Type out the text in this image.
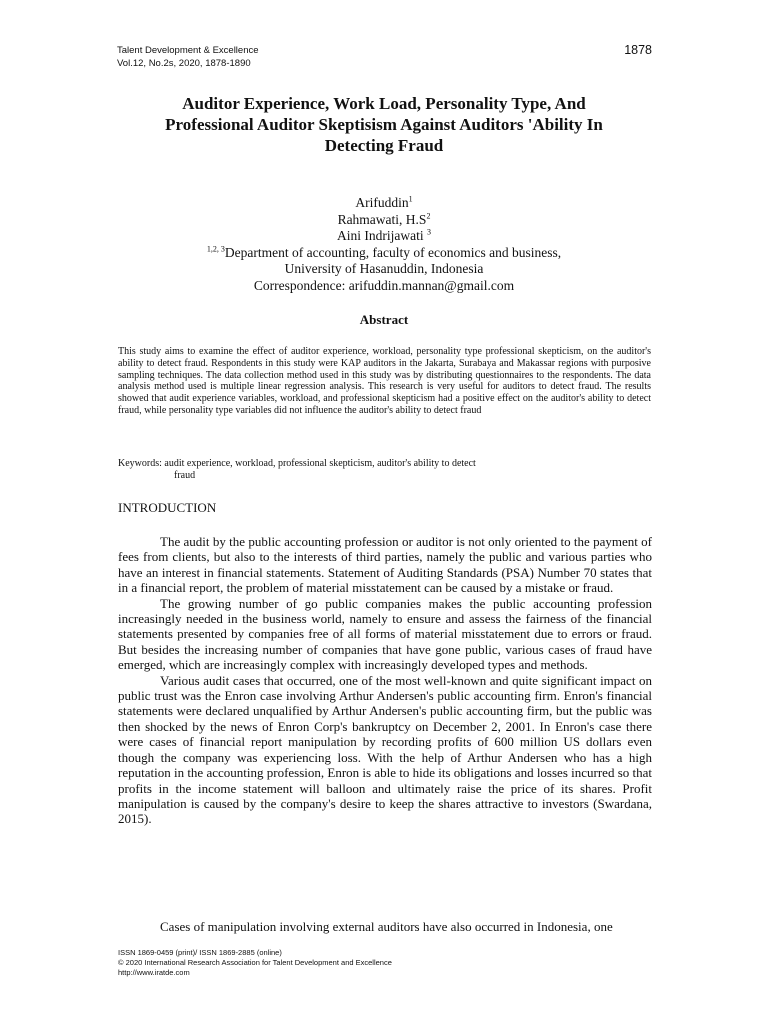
Talent Development & Excellence
Vol.12, No.2s, 2020, 1878-1890
1878
Auditor Experience, Work Load, Personality Type, And
Professional Auditor Skeptisism Against Auditors 'Ability In
Detecting Fraud
Arifuddin$^1$
Rahmawati, $H.S^2$
Aini Indrijawati $^3$
$^{1,2, 3}$Department of accounting, faculty of economics and business,
University of Hasanuddin, Indonesia
Correspondence: arifuddin.mannan@gmail.com
Abstract
This study aims to examine the effect of auditor experience, workload, personality type professional skepticism, on the auditor's ability to detect fraud. Respondents in this study were KAP auditors in the Jakarta, Surabaya and Makassar regions with purposive sampling techniques. The data collection method used in this study was by distributing questionnaires to the respondents. The data analysis method used is multiple linear regression analysis. This research is very useful for auditors to detect fraud. The results showed that audit experience variables, workload, and professional skepticism had a positive effect on the auditor's ability to detect fraud, while personality type variables did not influence the auditor's ability to detect fraud
Keywords: audit experience, workload, professional skepticism, auditor's ability to detect
fraud
INTRODUCTION

The audit by the public accounting profession or auditor is not only oriented to the payment of fees from clients, but also to the interests of third parties, namely the public and various parties who have an interest in financial statements. Statement of Auditing Standards (PSA) Number 70 states that in a financial report, the problem of material misstatement can be caused by a mistake or fraud.

The growing number of go public companies makes the public accounting profession increasingly needed in the business world, namely to ensure and assess the fairness of the financial statements presented by companies free of all forms of material misstatement due to errors or fraud. But besides the increasing number of companies that have gone public, various cases of fraud have emerged, which are increasingly complex with increasingly developed types and methods.

Various audit cases that occurred, one of the most well-known and quite significant impact on public trust was the Enron case involving Arthur Andersen's public accounting firm. Enron's financial statements were declared unqualified by Arthur Andersen's public accounting firm, but the public was then shocked by the news of Enron Corp's bankruptcy on December 2, 2001. In Enron's case there were cases of financial report manipulation by recording profits of 600 million US dollars even though the company was experiencing loss. With the help of Arthur Andersen who has a high reputation in the accounting profession, Enron is able to hide its obligations and losses incurred so that profits in the income statement will balloon and ultimately raise the price of its shares. Profit manipulation is caused by the company's desire to keep the shares attractive to investors (Swardana, 2015).

Cases of manipulation involving external auditors have also occurred in Indonesia, one
ISSN 1869-0459 (print)/ ISSN 1869-2885 (online)
© 2020 International Research Association for Talent Development and Excellence
http://www.iratde.com
